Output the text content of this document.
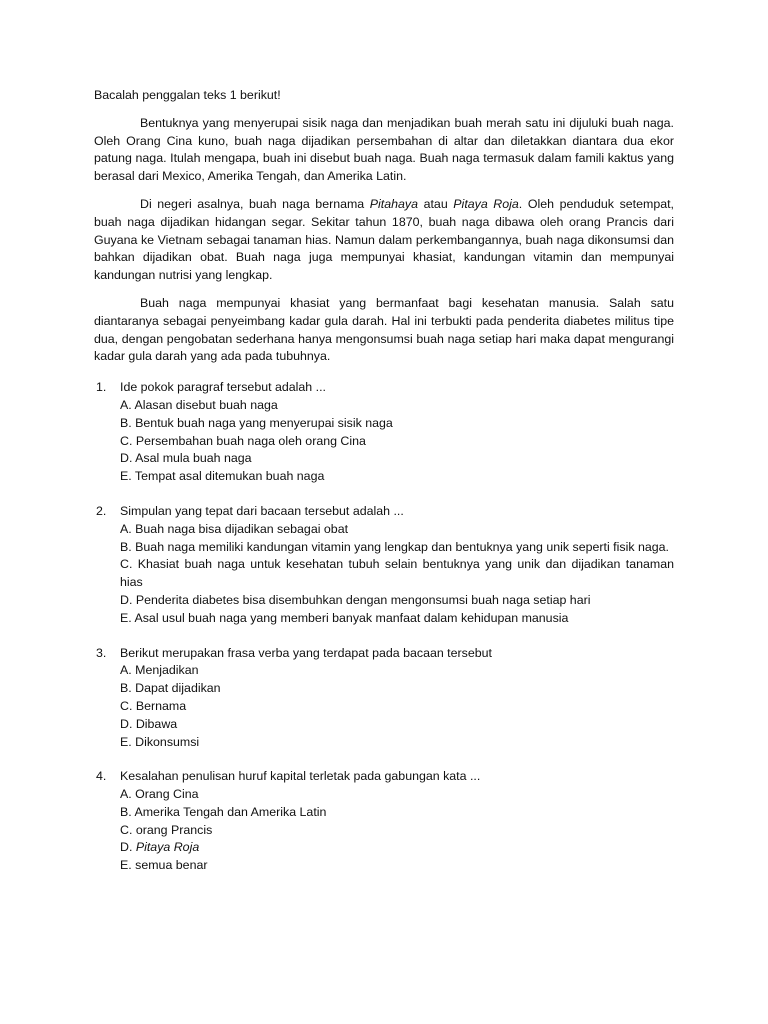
Bacalah penggalan teks 1 berikut!

Bentuknya yang menyerupai sisik naga dan menjadikan buah merah satu ini dijuluki buah naga. Oleh Orang Cina kuno, buah naga dijadikan persembahan di altar dan diletakkan diantara dua ekor patung naga. Itulah mengapa, buah ini disebut buah naga. Buah naga termasuk dalam famili kaktus yang berasal dari Mexico, Amerika Tengah, dan Amerika Latin.

Di negeri asalnya, buah naga bernama Pitahaya atau Pitaya Roja. Oleh penduduk setempat, buah naga dijadikan hidangan segar. Sekitar tahun 1870, buah naga dibawa oleh orang Prancis dari Guyana ke Vietnam sebagai tanaman hias. Namun dalam perkembangannya, buah naga dikonsumsi dan bahkan dijadikan obat. Buah naga juga mempunyai khasiat, kandungan vitamin dan mempunyai kandungan nutrisi yang lengkap.

Buah naga mempunyai khasiat yang bermanfaat bagi kesehatan manusia. Salah satu diantaranya sebagai penyeimbang kadar gula darah. Hal ini terbukti pada penderita diabetes militus tipe dua, dengan pengobatan sederhana hanya mengonsumsi buah naga setiap hari maka dapat mengurangi kadar gula darah yang ada pada tubuhnya.

1. Ide pokok paragraf tersebut adalah ...
A. Alasan disebut buah naga
B. Bentuk buah naga yang menyerupai sisik naga
C. Persembahan buah naga oleh orang Cina
D. Asal mula buah naga
E. Tempat asal ditemukan buah naga
2. Simpulan yang tepat dari bacaan tersebut adalah ...
A. Buah naga bisa dijadikan sebagai obat
B. Buah naga memiliki kandungan vitamin yang lengkap dan bentuknya yang unik seperti fisik naga.
C. Khasiat buah naga untuk kesehatan tubuh selain bentuknya yang unik dan dijadikan tanaman hias
D. Penderita diabetes bisa disembuhkan dengan mengonsumsi buah naga setiap hari
E. Asal usul buah naga yang memberi banyak manfaat dalam kehidupan manusia
3. Berikut merupakan frasa verba yang terdapat pada bacaan tersebut
A. Menjadikan
B. Dapat dijadikan
C. Bernama
D. Dibawa
E. Dikonsumsi
4. Kesalahan penulisan huruf kapital terletak pada gabungan kata ...
A. Orang Cina
B. Amerika Tengah dan Amerika Latin
C. orang Prancis
D. Pitaya Roja
E. semua benar
